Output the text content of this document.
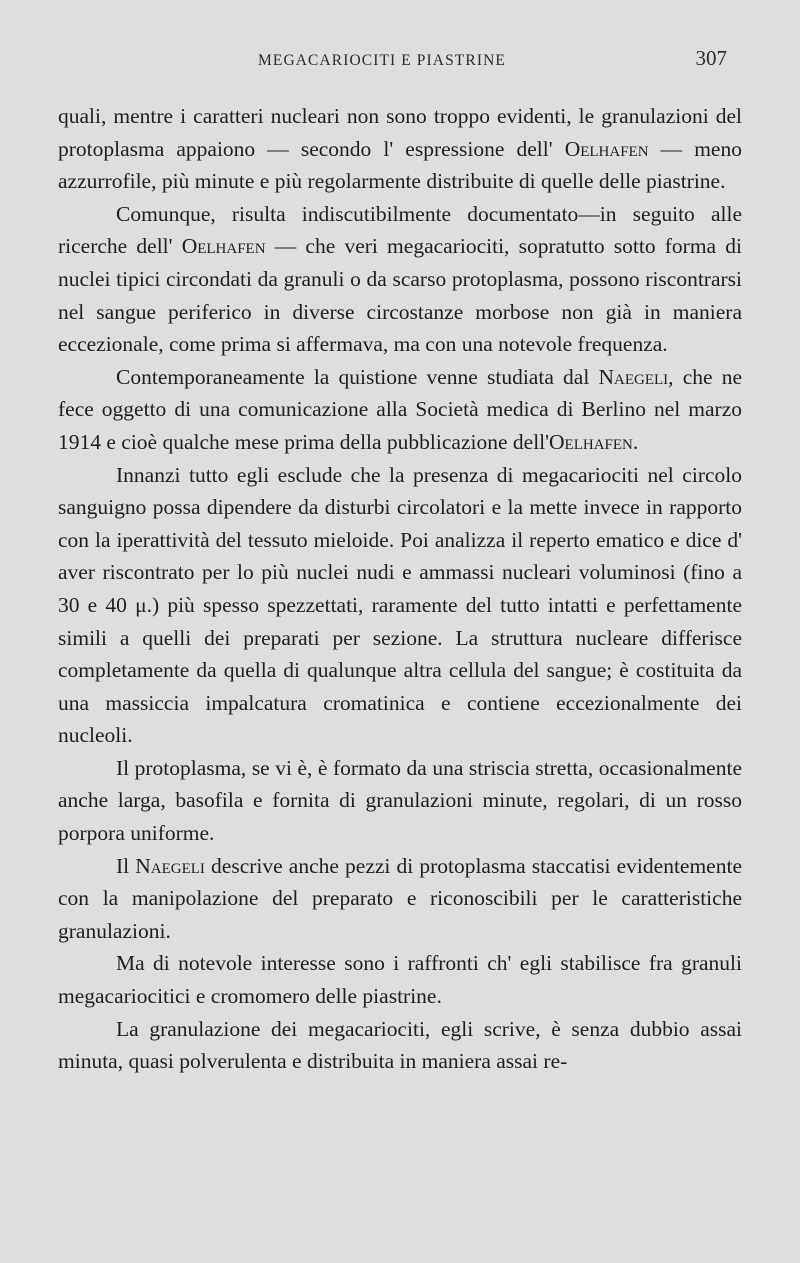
MEGACARIOCITI E PIASTRINE	307

quali, mentre i caratteri nucleari non sono troppo evidenti, le granulazioni del protoplasma appaiono — secondo l' espressione dell' Oelhafen — meno azzurrofile, più minute e più regolarmente distribuite di quelle delle piastrine.

Comunque, risulta indiscutibilmente documentato—in seguito alle ricerche dell' Oelhafen — che veri megacariociti, sopratutto sotto forma di nuclei tipici circondati da granuli o da scarso protoplasma, possono riscontrarsi nel sangue periferico in diverse circostanze morbose non già in maniera eccezionale, come prima si affermava, ma con una notevole frequenza.

Contemporaneamente la quistione venne studiata dal Naegeli, che ne fece oggetto di una comunicazione alla Società medica di Berlino nel marzo 1914 e cioè qualche mese prima della pubblicazione dell'Oelhafen.

Innanzi tutto egli esclude che la presenza di megacariociti nel circolo sanguigno possa dipendere da disturbi circolatori e la mette invece in rapporto con la iperattività del tessuto mieloide. Poi analizza il reperto ematico e dice d' aver riscontrato per lo più nuclei nudi e ammassi nucleari voluminosi (fino a 30 e 40 μ.) più spesso spezzettati, raramente del tutto intatti e perfettamente simili a quelli dei preparati per sezione. La struttura nucleare differisce completamente da quella di qualunque altra cellula del sangue; è costituita da una massiccia impalcatura cromatinica e contiene eccezionalmente dei nucleoli.

Il protoplasma, se vi è, è formato da una striscia stretta, occasionalmente anche larga, basofila e fornita di granulazioni minute, regolari, di un rosso porpora uniforme.

Il Naegeli descrive anche pezzi di protoplasma staccatisi evidentemente con la manipolazione del preparato e riconoscibili per le caratteristiche granulazioni.

Ma di notevole interesse sono i raffronti ch' egli stabilisce fra granuli megacariocitici e cromomero delle piastrine.

La granulazione dei megacariociti, egli scrive, è senza dubbio assai minuta, quasi polverulenta e distribuita in maniera assai re-
